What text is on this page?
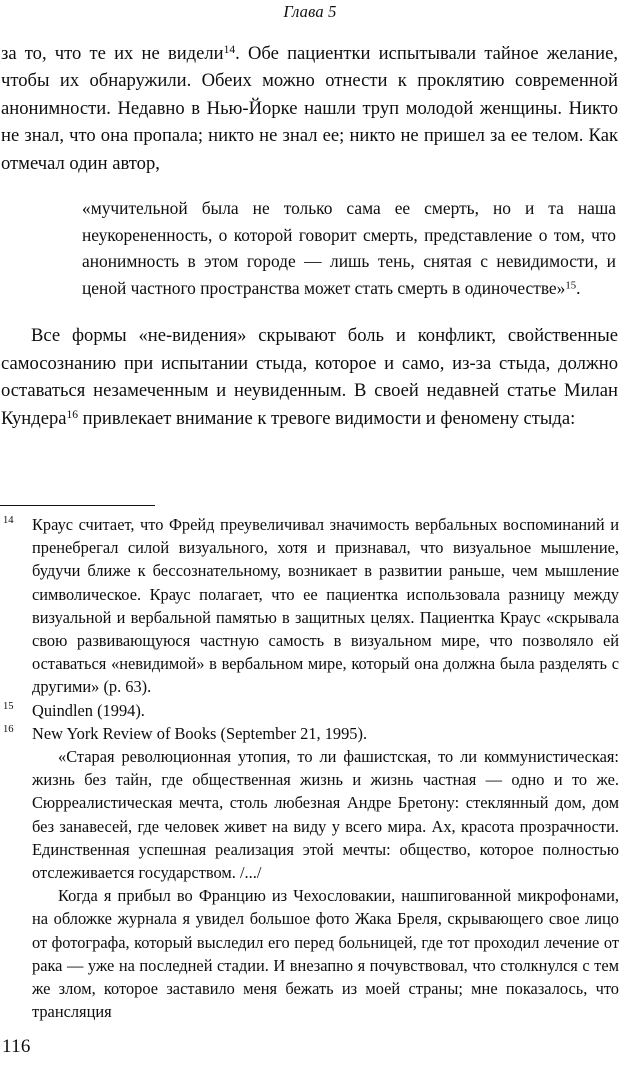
Глава 5

за то, что те их не видели$^{14}$. Обе пациентки испытывали тайное желание, чтобы их обнаружили. Обеих можно отнести к проклятию современной анонимности. Недавно в Нью-Йорке нашли труп молодой женщины. Никто не знал, что она пропала; никто не знал ее; никто не пришел за ее телом. Как отмечал один автор,

«мучительной была не только сама ее смерть, но и та наша неукорененность, о которой говорит смерть, представление о том, что анонимность в этом городе — лишь тень, снятая с невидимости, и ценой частного пространства может стать смерть в одиночестве»$^{15}$.

Все формы «не-видения» скрывают боль и конфликт, свойственные самосознанию при испытании стыда, которое и само, из-за стыда, должно оставаться незамеченным и неувиденным. В своей недавней статье Милан Кундера$^{16}$ привлекает внимание к тревоге видимости и феномену стыда:

14	Краус считает, что Фрейд преувеличивал значимость вербальных воспоминаний и пренебрегал силой визуального, хотя и признавал, что визуальное мышление, будучи ближе к бессознательному, возникает в развитии раньше, чем мышление символическое. Краус полагает, что ее пациентка использовала разницу между визуальной и вербальной памятью в защитных целях. Пациентка Краус «скрывала свою развивающуюся частную самость в визуальном мире, что позволяло ей оставаться «невидимой» в вербальном мире, который она должна была разделять с другими» (p. 63).

15	Quindlen (1994).

16	New York Review of Books (September 21, 1995).

«Старая революционная утопия, то ли фашистская, то ли коммунистическая: жизнь без тайн, где общественная жизнь и жизнь частная — одно и то же. Сюрреалистическая мечта, столь любезная Андре Бретону: стеклянный дом, дом без занавесей, где человек живет на виду у всего мира. Ах, красота прозрачности. Единственная успешная реализация этой мечты: общество, которое полностью отслеживается государством. /.../

Когда я прибыл во Францию из Чехословакии, нашпигованной микрофонами, на обложке журнала я увидел большое фото Жака Бреля, скрывающего свое лицо от фотографа, который выследил его перед больницей, где тот проходил лечение от рака — уже на последней стадии. И внезапно я почувствовал, что столкнулся с тем же злом, которое заставило меня бежать из моей страны; мне показалось, что трансляция

116
